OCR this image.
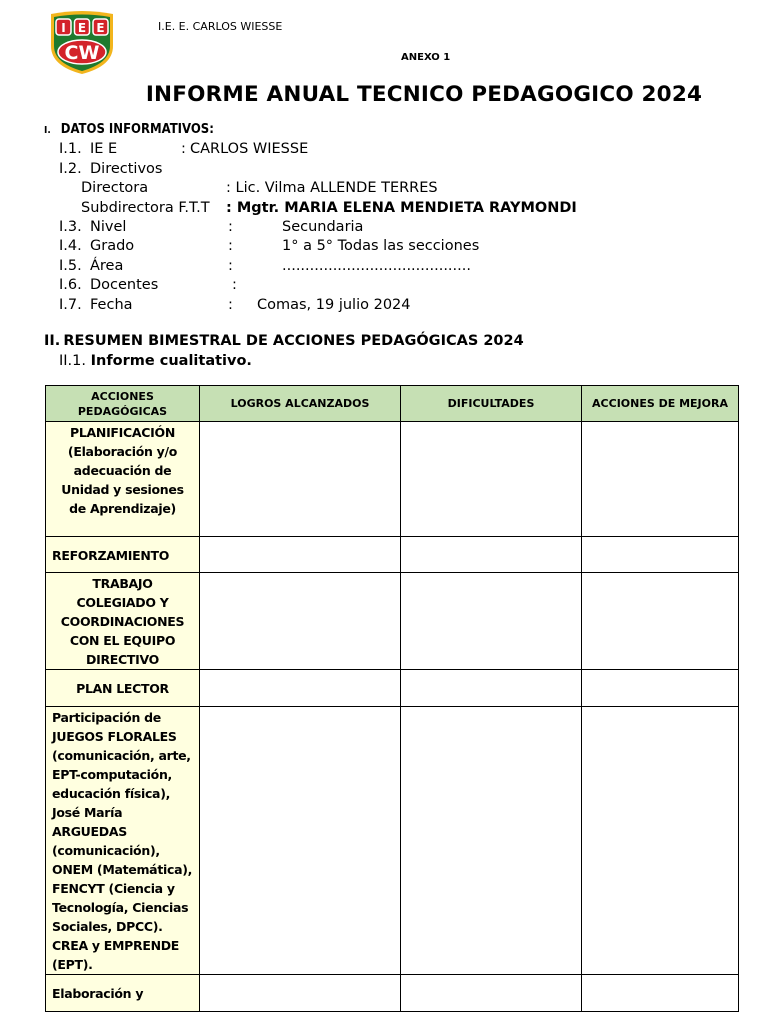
I E E
CW
I.E. E. CARLOS WIESSE
ANEXO 1
INFORME ANUAL TECNICO PEDAGOGICO 2024
I. DATOS INFORMATIVOS:
I.1. IE E	: CARLOS WIESSE
I.2. Directivos
Directora	: Lic. Vilma ALLENDE TERRES
Subdirectora F.T.T : Mgtr. MARIA ELENA MENDIETA RAYMONDI
I.3. Nivel	:	Secundaria
I.4. Grado	:	1° a 5° Todas las secciones
I.5. Área	:	.........................................
I.6. Docentes	:
I.7. Fecha	: Comas, 19 julio 2024
II. RESUMEN BIMESTRAL DE ACCIONES PEDAGÓGICAS 2024
II.1. Informe cualitativo.
ACCIONES PEDAGÓGICAS	LOGROS ALCANZADOS	DIFICULTADES	ACCIONES DE MEJORA
PLANIFICACIÓN (Elaboración y/o adecuación de Unidad y sesiones de Aprendizaje)			
REFORZAMIENTO			
TRABAJO COLEGIADO Y COORDINACIONES CON EL EQUIPO DIRECTIVO			
PLAN LECTOR			
Participación de JUEGOS FLORALES (comunicación, arte, EPT-computación, educación física), José María ARGUEDAS (comunicación), ONEM (Matemática), FENCYT (Ciencia y Tecnología, Ciencias Sociales, DPCC). CREA y EMPRENDE (EPT).			
Elaboración y			
